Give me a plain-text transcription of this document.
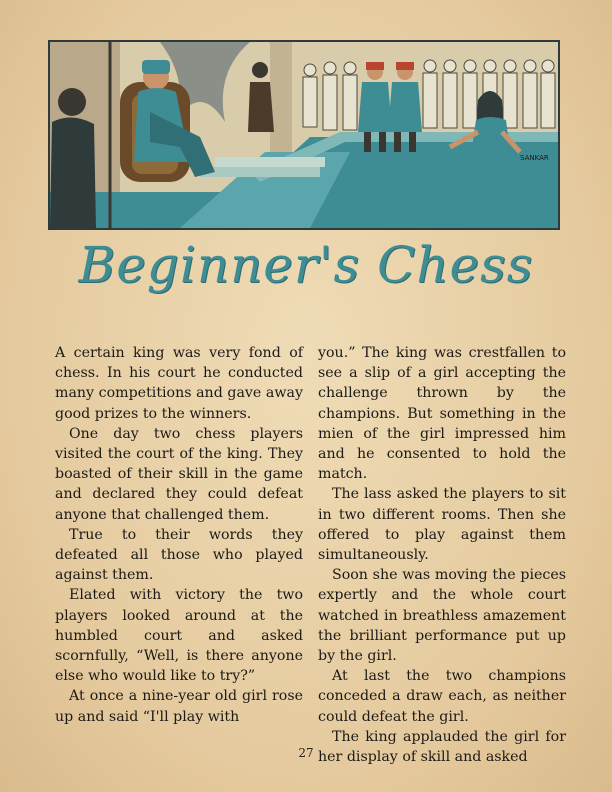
SANKAR
Beginner's Chess

A certain king was very fond of chess. In his court he conducted many competitions and gave away good prizes to the winners.

One day two chess players visited the court of the king. They boasted of their skill in the game and declared they could defeat anyone that challenged them.

True to their words they defeated all those who played against them.

Elated with victory the two players looked around at the humbled court and asked scornfully, “Well, is there anyone else who would like to try?”

At once a nine-year old girl rose up and said “I'll play with

you.” The king was crestfallen to see a slip of a girl accepting the challenge thrown by the champions. But something in the mien of the girl impressed him and he consented to hold the match.

The lass asked the players to sit in two different rooms. Then she offered to play against them simultaneously.

Soon she was moving the pieces expertly and the whole court watched in breathless amazement the brilliant performance put up by the girl.

At last the two champions conceded a draw each, as neither could defeat the girl.

The king applauded the girl for her display of skill and asked

27
